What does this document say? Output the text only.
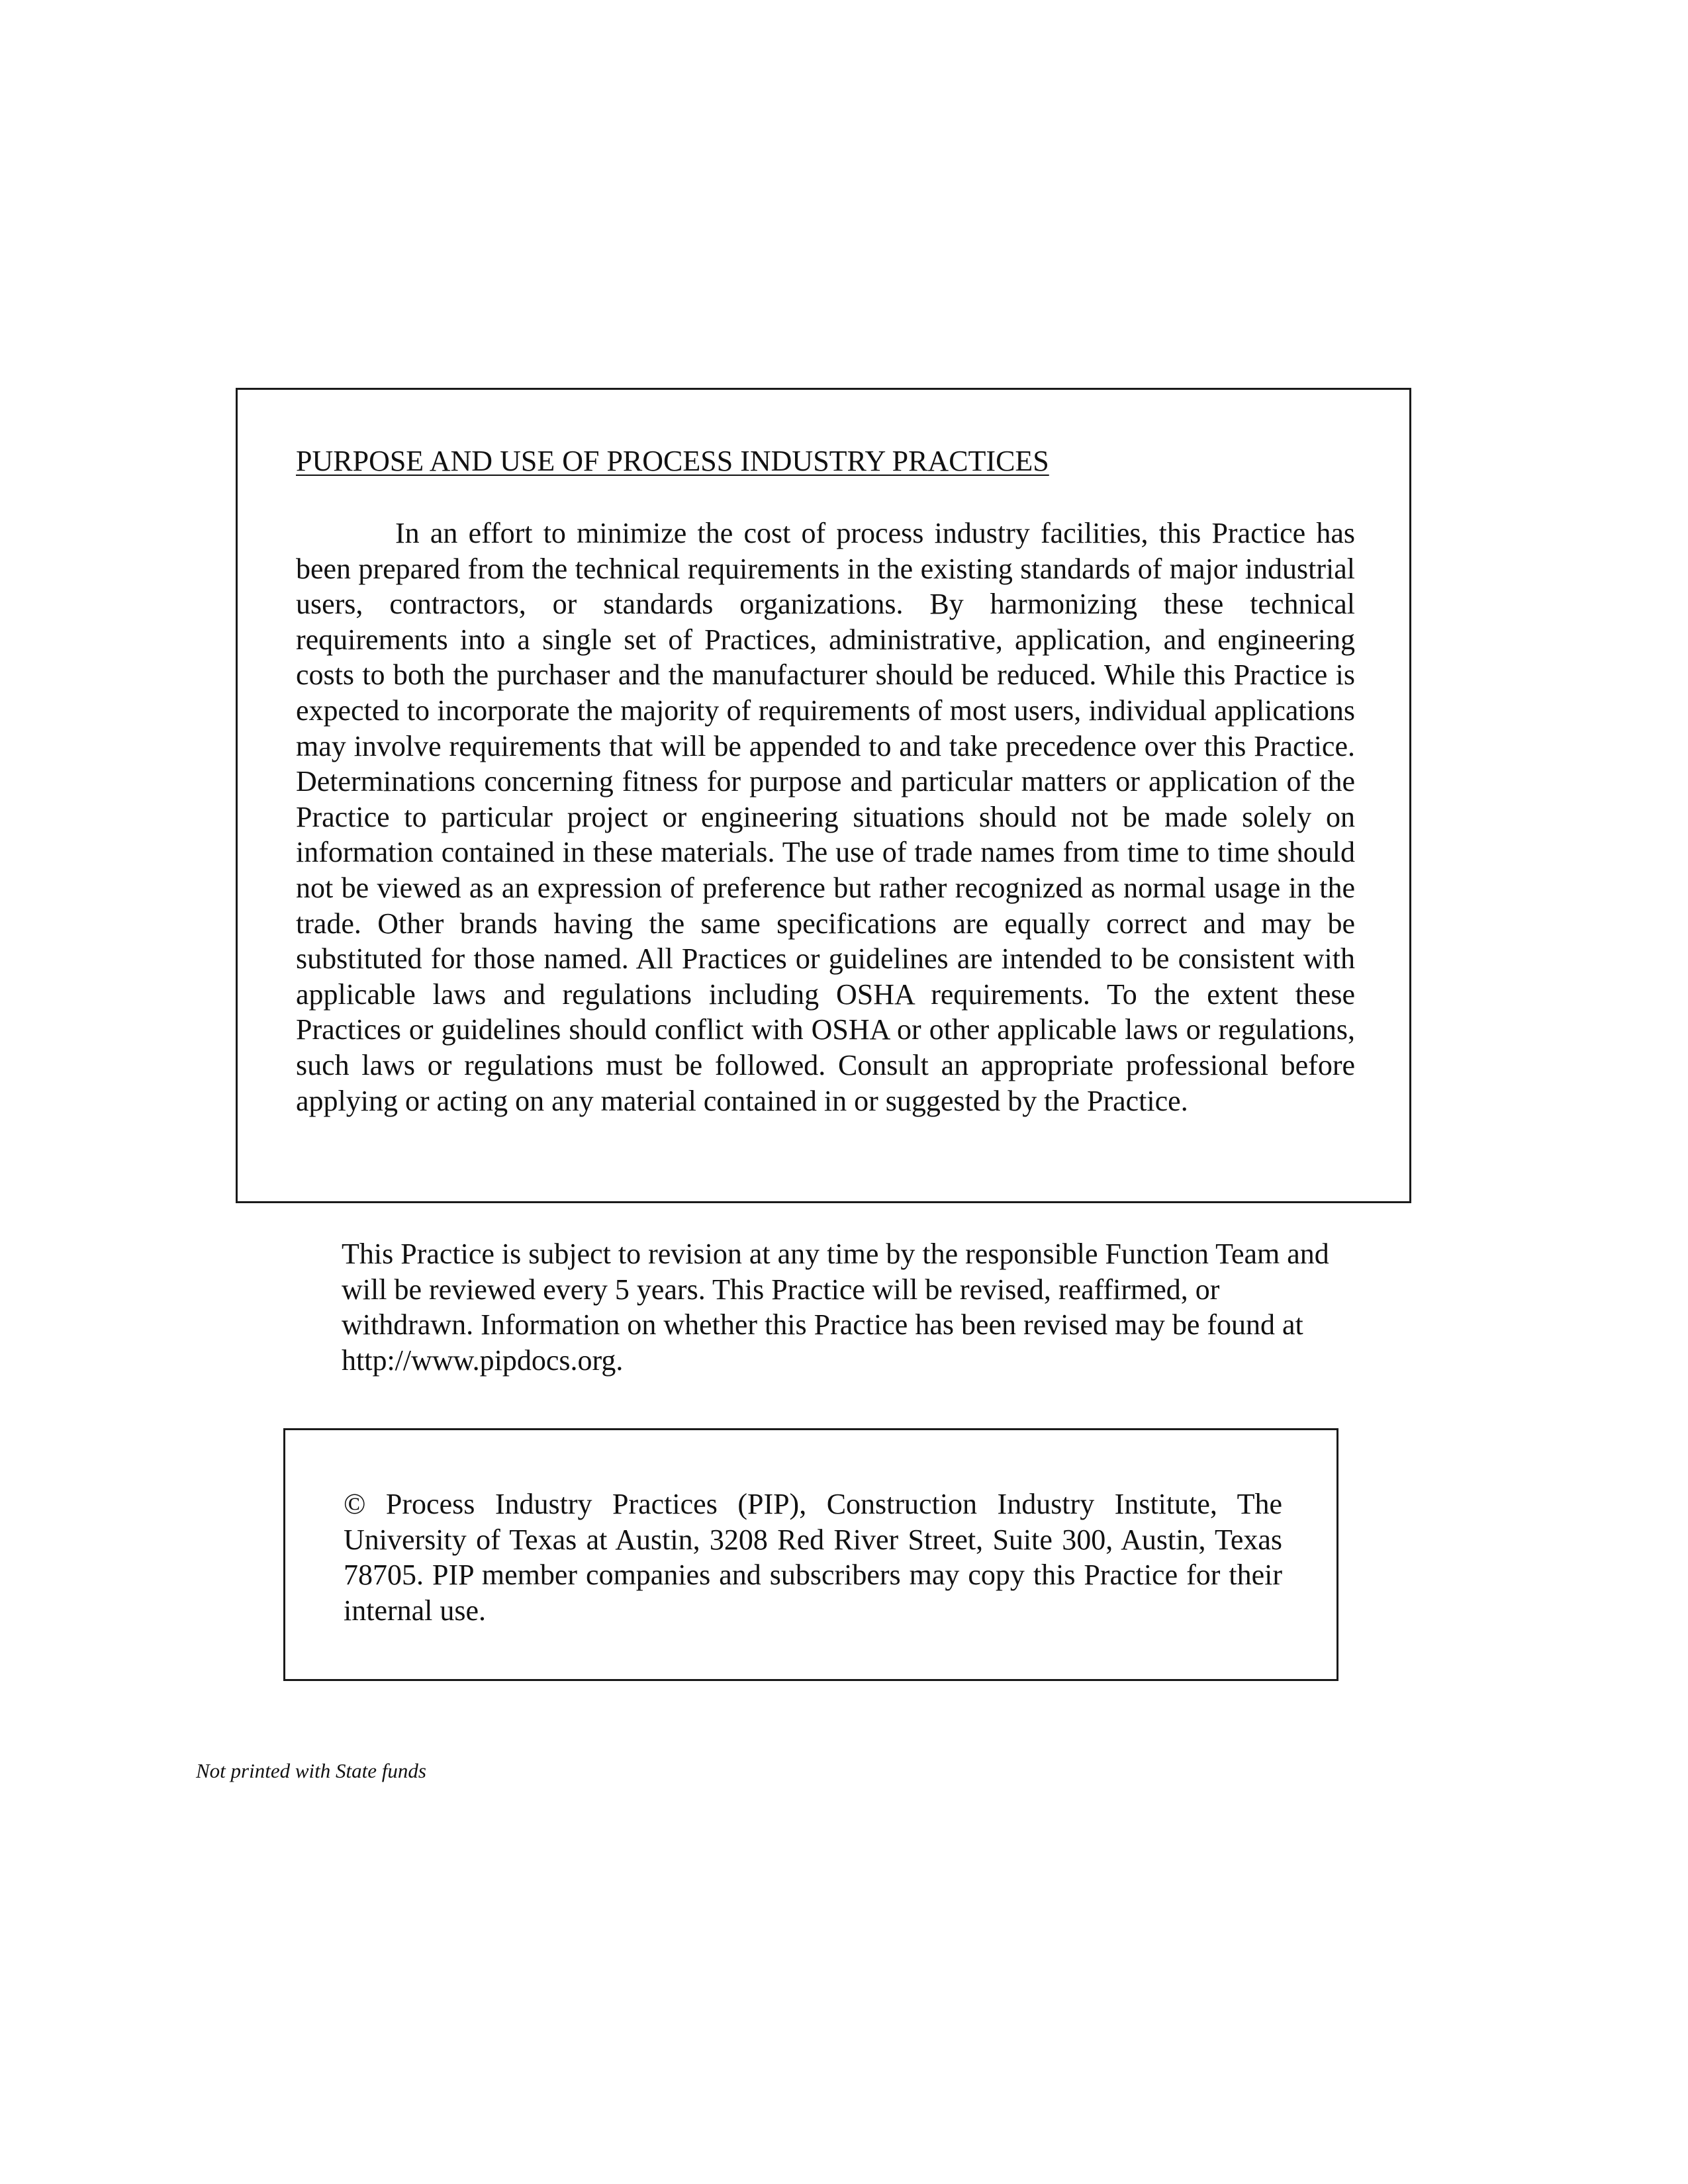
PURPOSE AND USE OF PROCESS INDUSTRY PRACTICES

In an effort to minimize the cost of process industry facilities, this Practice has been prepared from the technical requirements in the existing standards of major industrial users, contractors, or standards organizations. By harmonizing these technical requirements into a single set of Practices, administrative, application, and engineering costs to both the purchaser and the manufacturer should be reduced. While this Practice is expected to incorporate the majority of requirements of most users, individual applications may involve requirements that will be appended to and take precedence over this Practice. Determinations concerning fitness for purpose and particular matters or application of the Practice to particular project or engineering situations should not be made solely on information contained in these materials. The use of trade names from time to time should not be viewed as an expression of preference but rather recognized as normal usage in the trade. Other brands having the same specifications are equally correct and may be substituted for those named. All Practices or guidelines are intended to be consistent with applicable laws and regulations including OSHA requirements. To the extent these Practices or guidelines should conflict with OSHA or other applicable laws or regulations, such laws or regulations must be followed. Consult an appropriate professional before applying or acting on any material contained in or suggested by the Practice.

This Practice is subject to revision at any time by the responsible Function Team and will be reviewed every 5 years. This Practice will be revised, reaffirmed, or withdrawn. Information on whether this Practice has been revised may be found at http://www.pipdocs.org.

© Process Industry Practices (PIP), Construction Industry Institute, The University of Texas at Austin, 3208 Red River Street, Suite 300, Austin, Texas 78705. PIP member companies and subscribers may copy this Practice for their internal use.

Not printed with State funds
